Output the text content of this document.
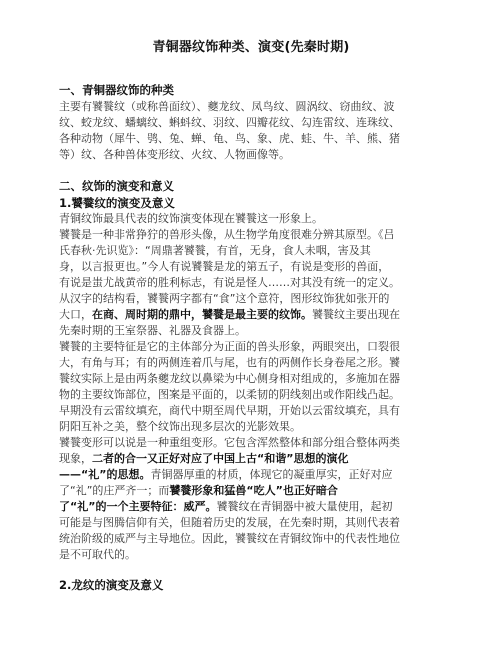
青铜器纹饰种类、演变(先秦时期)
一、青铜器纹饰的种类
主要有饕餮纹（或称兽面纹）、夔龙纹、凤鸟纹、圆涡纹、窃曲纹、波
纹、蛟龙纹、蟠螭纹、蝌蚪纹、羽纹、四瓣花纹、勾连雷纹、连珠纹、
各种动物（犀牛、鸮、兔、蝉、龟、鸟、象、虎、蛙、牛、羊、熊、猪
等）纹、各种兽体变形纹、火纹、人物画像等。
二、纹饰的演变和意义
1.饕餮纹的演变及意义
青铜纹饰最具代表的纹饰演变体现在饕餮这一形象上。
饕餮是一种非常狰狞的兽形头像，从生物学角度很难分辨其原型。《吕
氏春秋·先识览》：“周鼎著饕餮，有首，无身，食人未咽，害及其
身，以言报更也。”今人有说饕餮是龙的第五子，有说是变形的兽面，
有说是蚩尤战黄帝的胜利标志，有说是怪人……对其没有统一的定义。
从汉字的结构看，饕餮两字都有“食”这个意符，图形纹饰犹如张开的
大口，在商、周时期的鼎中，饕餮是最主要的纹饰。饕餮纹主要出现在
先秦时期的王室祭器、礼器及食器上。
饕餮的主要特征是它的主体部分为正面的兽头形象，两眼突出，口裂很
大，有角与耳；有的两侧连着爪与尾，也有的两侧作长身卷尾之形。饕
餮纹实际上是由两条夔龙纹以鼻梁为中心侧身相对组成的，多施加在器
物的主要纹饰部位，图案是平面的，以柔韧的阴线刻出或作阳线凸起。
早期没有云雷纹填充，商代中期至周代早期，开始以云雷纹填充，具有
阴阳互补之美，整个纹饰出现多层次的光影效果。
饕餮变形可以说是一种重组变形。它包含浑然整体和部分组合整体两类
现象，二者的合一又正好对应了中国上古“和谐”思想的演化
——“礼”的思想。青铜器厚重的材质，体现它的凝重厚实，正好对应
了“礼”的庄严齐一；而饕餮形象和猛兽“吃人”也正好暗合
了“礼”的一个主要特征：威严。饕餮纹在青铜器中被大量使用，起初
可能是与图腾信仰有关，但随着历史的发展，在先秦时期，其则代表着
统治阶级的威严与主导地位。因此，饕餮纹在青铜纹饰中的代表性地位
是不可取代的。
2.龙纹的演变及意义
